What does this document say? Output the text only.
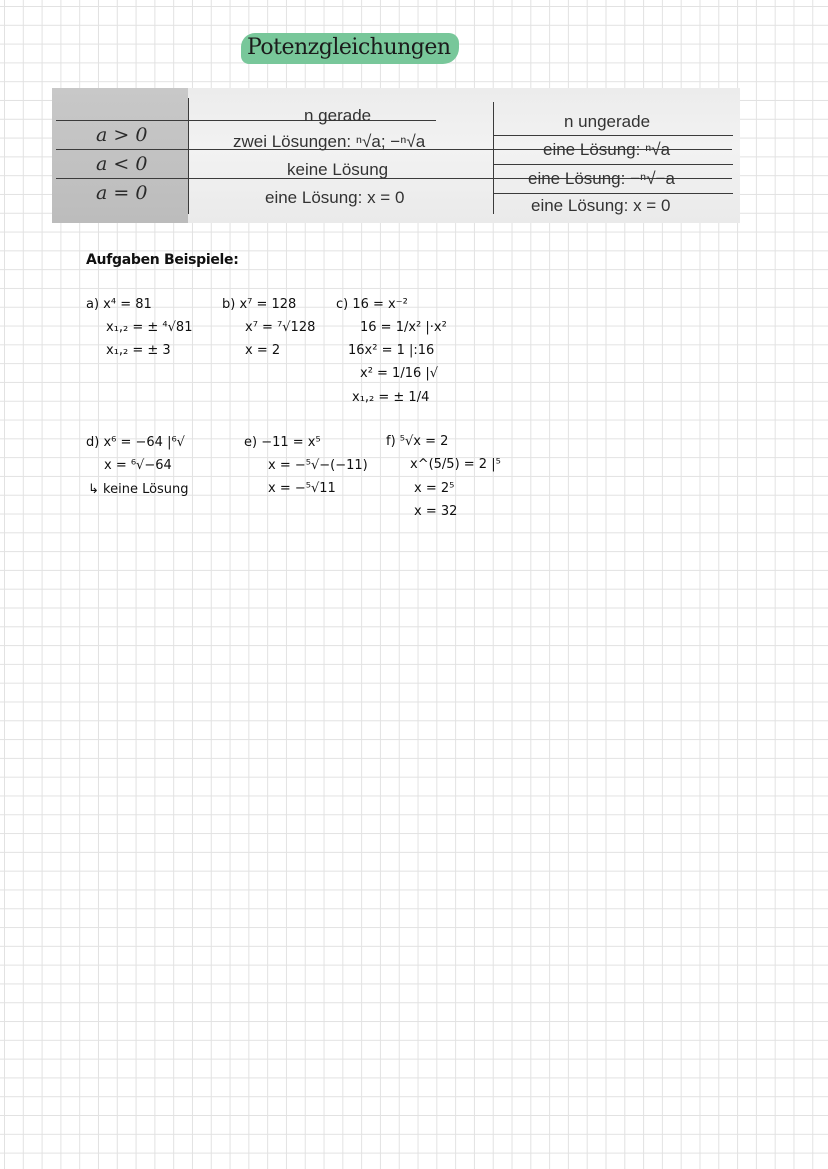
Potenzgleichungen
n gerade	n ungerade
a > 0
a < 0
a = 0
zwei Lösungen: ⁿ√a; −ⁿ√a
keine Lösung
eine Lösung: x = 0
eine Lösung: ⁿ√a
eine Lösung: −ⁿ√−a
eine Lösung: x = 0
Aufgaben Beispiele:
a) x⁴ = 81
x₁,₂ = ± ⁴√81
x₁,₂ = ± 3
b) x⁷ = 128
x⁷ = ⁷√128
x = 2
c) 16 = x⁻²
16 = 1/x² |·x²
16x² = 1 |:16
x² = 1/16 |√
x₁,₂ = ± 1/4
d) x⁶ = −64 |⁶√
x = ⁶√−64
↳ keine Lösung
e) −11 = x⁵
x = −⁵√−(−11)
x = −⁵√11
f) ⁵√x = 2
x^(5/5) = 2 |⁵
x = 2⁵
x = 32
